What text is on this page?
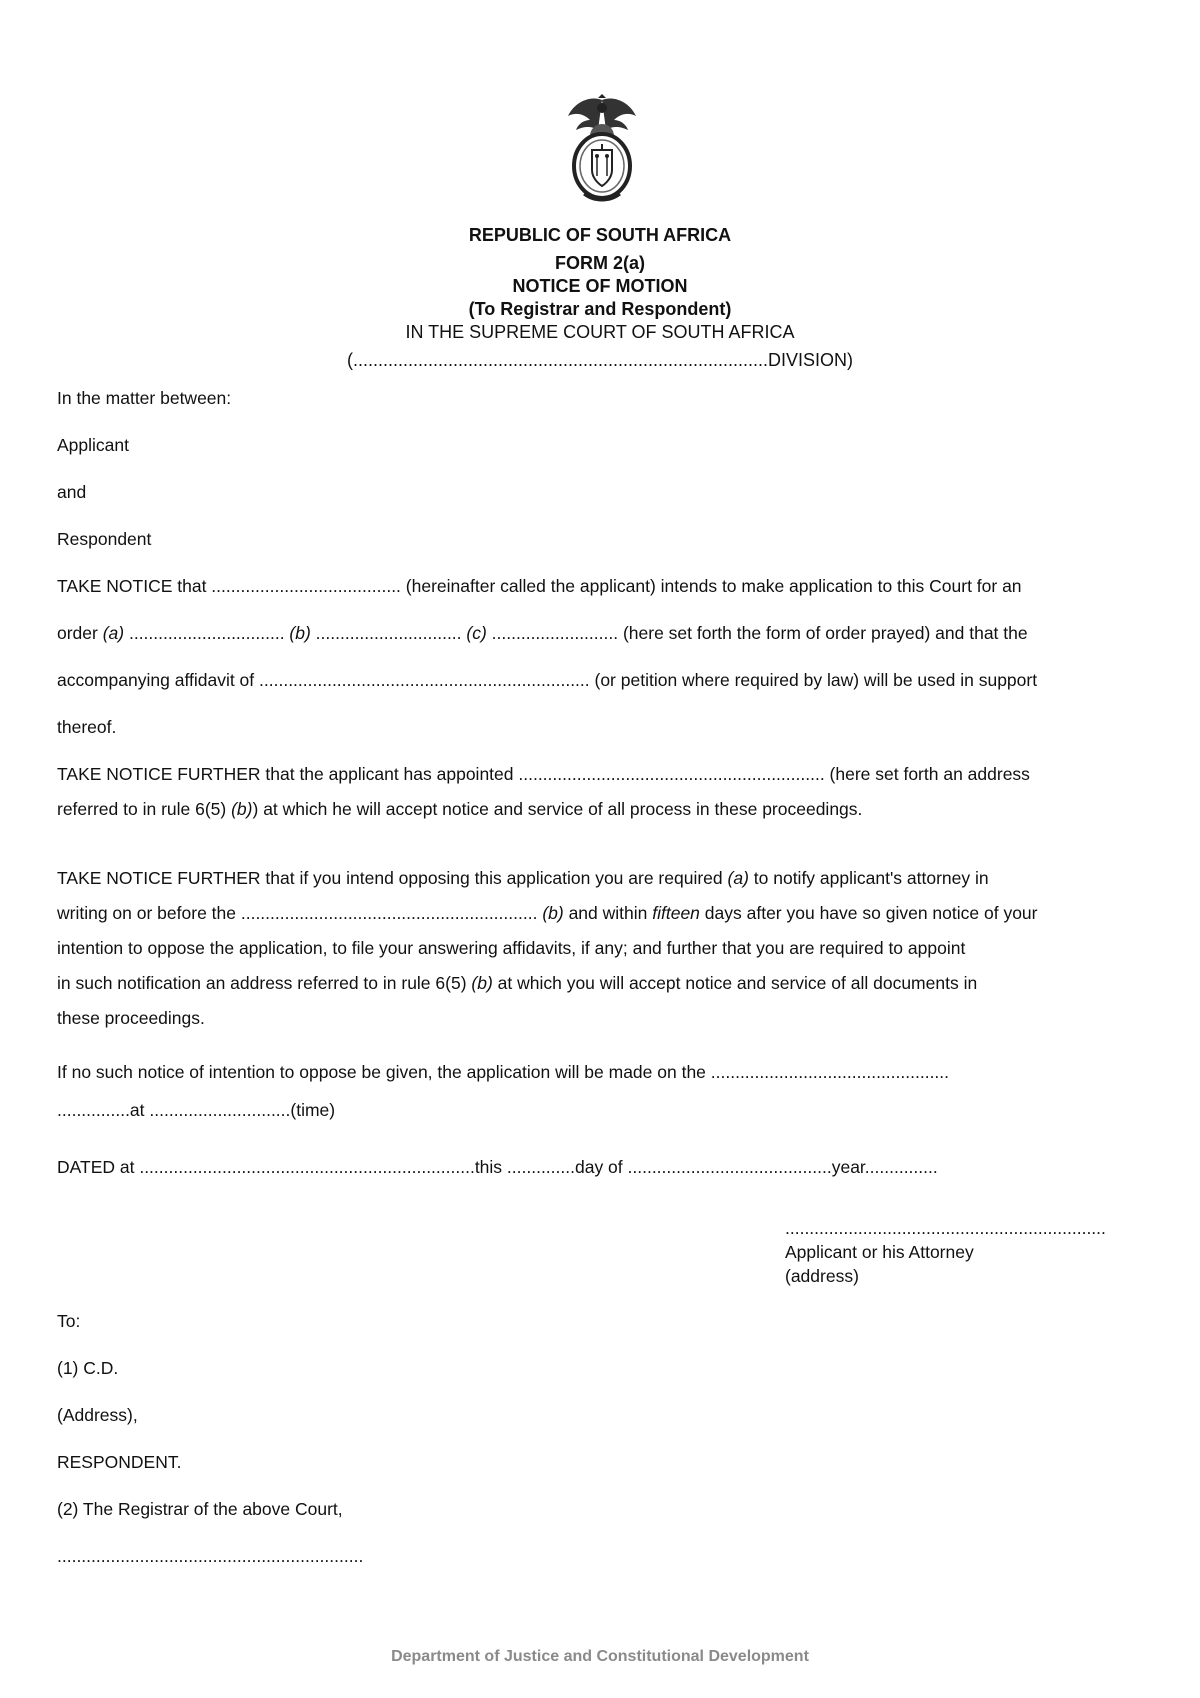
REPUBLIC OF SOUTH AFRICA
FORM 2(a)
NOTICE OF MOTION
(To Registrar and Respondent)
IN THE SUPREME COURT OF SOUTH AFRICA
(...................................................................................DIVISION)
In the matter between:
Applicant
and
Respondent
TAKE NOTICE that ....................................... (hereinafter called the applicant) intends to make application to this Court for an
order (a) ................................ (b) .............................. (c) .......................... (here set forth the form of order prayed) and that the
accompanying affidavit of .................................................................... (or petition where required by law) will be used in support
thereof.
TAKE NOTICE FURTHER that the applicant has appointed ............................................................... (here set forth an address
referred to in rule 6(5) (b)) at which he will accept notice and service of all process in these proceedings.
TAKE NOTICE FURTHER that if you intend opposing this application you are required (a) to notify applicant's attorney in
writing on or before the ............................................................. (b) and within fifteen days after you have so given notice of your
intention to oppose the application, to file your answering affidavits, if any; and further that you are required to appoint
in such notification an address referred to in rule 6(5) (b) at which you will accept notice and service of all documents in
these proceedings.
If no such notice of intention to oppose be given, the application will be made on the .................................................
...............at .............................(time)
DATED at .....................................................................this ..............day of ..........................................year...............
..................................................................
Applicant or his Attorney
(address)
To:
(1) C.D.
(Address),
RESPONDENT.
(2) The Registrar of the above Court,
...............................................................
Department of Justice and Constitutional Development
